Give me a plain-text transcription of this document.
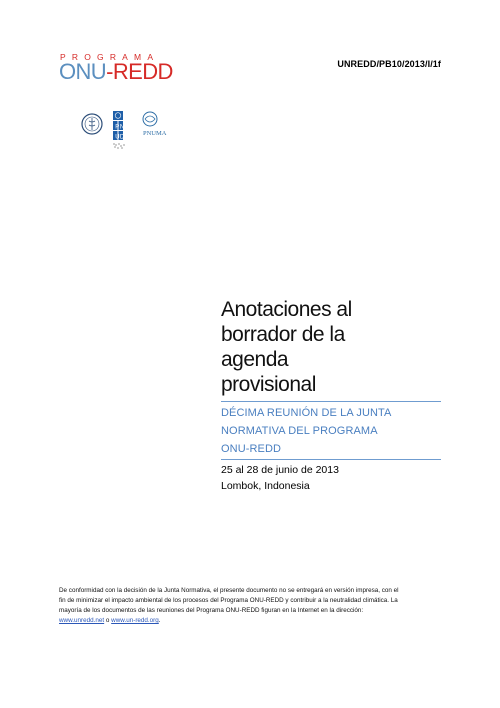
UNREDD/PB10/2013/I/1f
PROGRAMA
ONU-REDD
P N
U D
PNUMA
Anotaciones al
borrador de la
agenda
provisional
DÉCIMA REUNIÓN DE LA JUNTA
NORMATIVA DEL PROGRAMA
ONU-REDD
25 al 28 de junio de 2013
Lombok, Indonesia
De conformidad con la decisión de la Junta Normativa, el presente documento no se entregará en versión impresa, con el
fin de minimizar el impacto ambiental de los procesos del Programa ONU-REDD y contribuir a la neutralidad climática. La
mayoría de los documentos de las reuniones del Programa ONU-REDD figuran en la Internet en la dirección:
www.unredd.net o www.un-redd.org.
